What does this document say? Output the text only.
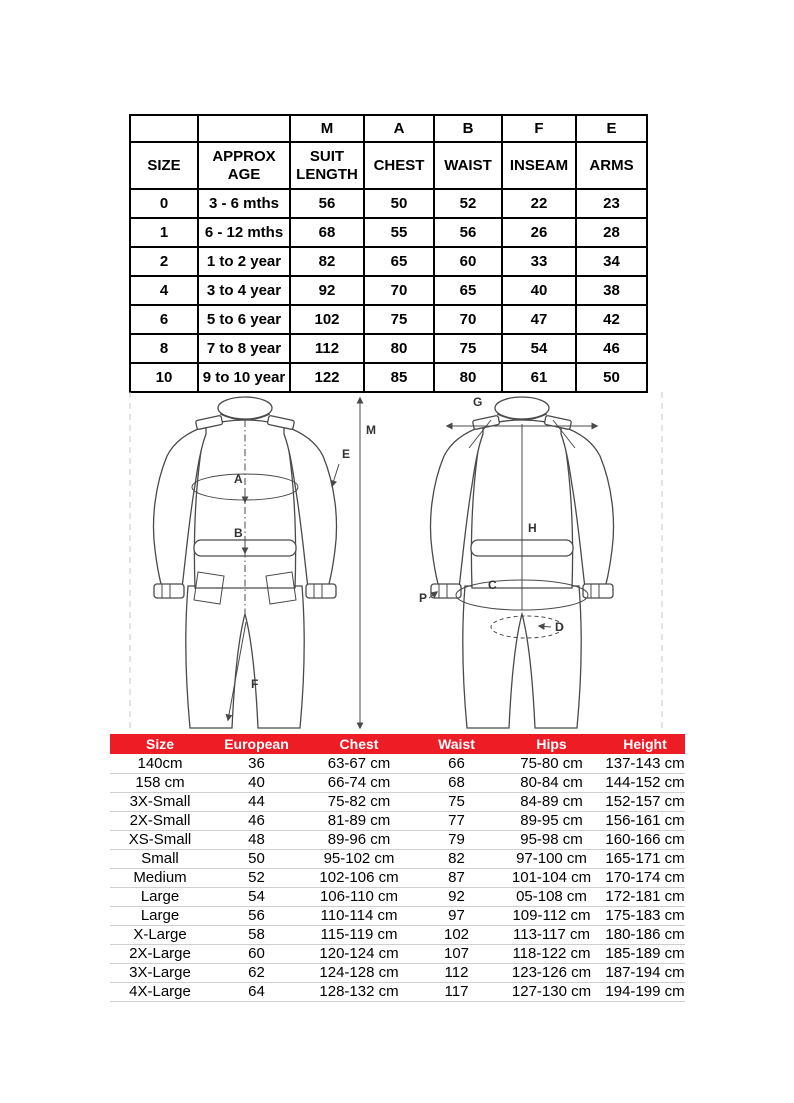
		M	A	B	F	E
SIZE	APPROX AGE	SUIT LENGTH	CHEST	WAIST	INSEAM	ARMS
0	3 - 6 mths	56	50	52	22	23
1	6 - 12 mths	68	55	56	26	28
2	1 to 2 year	82	65	60	33	34
4	3 to 4 year	92	70	65	40	38
6	5 to 6 year	102	75	70	47	42
8	7 to 8 year	112	80	75	54	46
10	9 to 10 year	122	85	80	61	50
A
B
F
M
E
G
H
C
D
P
Size	European	Chest	Waist	Hips	Height
140cm	36	63-67 cm	66	75-80 cm	137-143 cm
158 cm	40	66-74 cm	68	80-84 cm	144-152 cm
3X-Small	44	75-82 cm	75	84-89 cm	152-157 cm
2X-Small	46	81-89 cm	77	89-95 cm	156-161 cm
XS-Small	48	89-96 cm	79	95-98 cm	160-166 cm
Small	50	95-102 cm	82	97-100 cm	165-171 cm
Medium	52	102-106 cm	87	101-104 cm	170-174 cm
Large	54	106-110 cm	92	05-108 cm	172-181 cm
Large	56	110-114 cm	97	109-112 cm	175-183 cm
X-Large	58	115-119 cm	102	113-117 cm	180-186 cm
2X-Large	60	120-124 cm	107	118-122 cm	185-189 cm
3X-Large	62	124-128 cm	112	123-126 cm	187-194 cm
4X-Large	64	128-132 cm	117	127-130 cm	194-199 cm
